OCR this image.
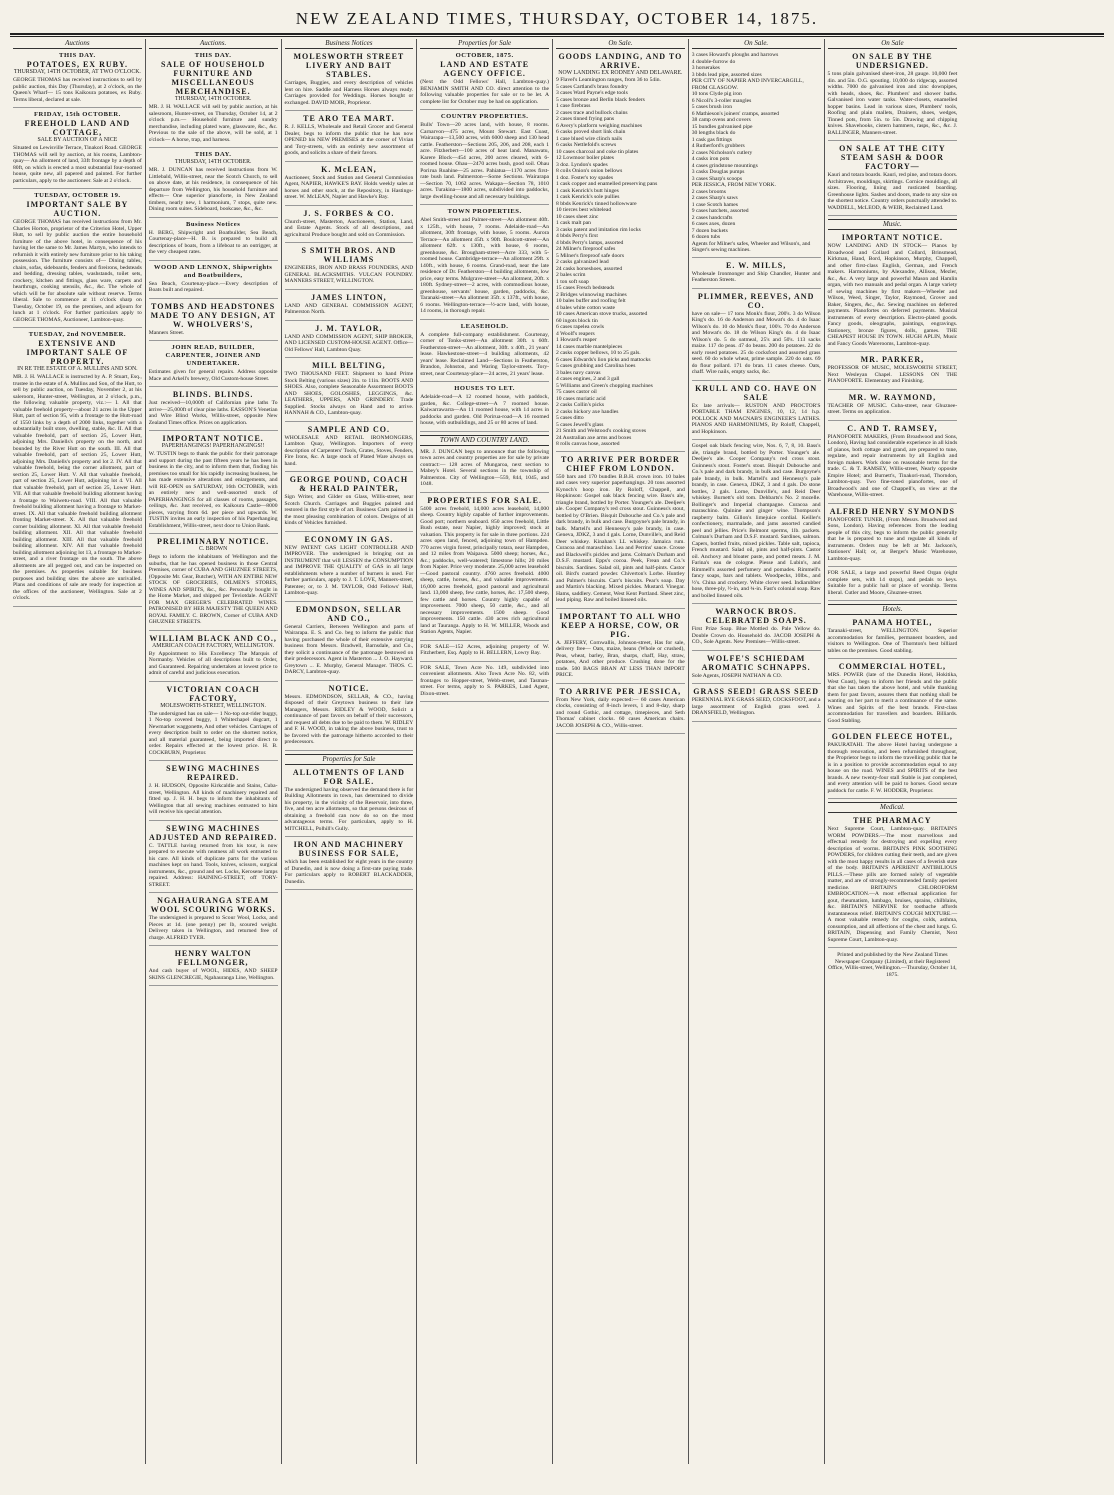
NEW ZEALAND TIMES, THURSDAY, OCTOBER 14, 1875.
Auctions
THIS DAY.
POTATOES, EX RUBY.
THURSDAY, 14TH OCTOBER, AT TWO O'CLOCK.

GEORGE THOMAS has received instructions to sell by public auction, this Day (Thursday), at 2 o'clock, on the Queen's Wharf— 15 tons Kaikoura potatoes, ex Ruby. Terms liberal, declared at sale.

FRIDAY, 15th OCTOBER.
FREEHOLD LAND AND COTTAGE,
SALE BY AUCTION OF A NICE

Situated on Lewisville Terrace, Tinakori Road. GEORGE THOMAS will sell by auction, at his rooms, Lambton-quay— An allotment of land, 33ft frontage by a depth of 80ft, on which is erected a most substantial four-roomed house, quite new, all papered and painted. For further particulars, apply to the auctioneer. Sale at 2 o'clock.

TUESDAY, OCTOBER 19.
IMPORTANT SALE BY AUCTION.

GEORGE THOMAS has received instructions from Mr. Charles Horton, proprietor of the Criterion Hotel, Upper Hutt, to sell by public auction the entire household furniture of the above hotel, in consequence of his having let the same to Mr. James Martyn, who intends to refurnish it with entirely new furniture prior to his taking possession. The furniture consists of— Dining tables, chairs, sofas, sideboards, fenders and fireirons, bedsteads and bedding, dressing tables, washstands, toilet sets, crockery, kitchen and fittings, glass ware, carpets and hearthrugs, cooking utensils, &c., &c. The whole of which will be for absolute sale without reserve. Terms liberal. Sale to commence at 11 o'clock sharp on Tuesday, October 19, on the premises, and adjourn for lunch at 1 o'clock. For further particulars apply to GEORGE THOMAS, Auctioneer, Lambton-quay.

TUESDAY, 2nd NOVEMBER.
EXTENSIVE AND IMPORTANT SALE OF PROPERTY.
IN RE THE ESTATE OF A. MULLINS AND SON.

MR. J. H. WALLACE is instructed by A. P. Stuart, Esq., trustee in the estate of A. Mullins and Son, of the Hutt, to sell by public auction, on Tuesday, November 2, at his saleroom, Hunter-street, Wellington, at 2 o'clock, p.m., the following valuable property, viz.:— I. All that valuable freehold property—about 21 acres in the Upper Hutt, part of section 95, with a frontage to the Hutt-road of 1550 links by a depth of 2000 links, together with a substantially built store, dwelling, stable, &c. II. All that valuable freehold, part of section 25, Lower Hutt, adjoining Mrs. Daniells's property on the north, and bounded by the River Hutt on the south. III. All that valuable freehold, part of section 25, Lower Hutt, adjoining Mrs. Daniells's property and lot 2. IV. All that valuable freehold, being the corner allotment, part of section 25, Lower Hutt. V. All that valuable freehold, part of section 25, Lower Hutt, adjoining lot 4. VI. All that valuable freehold, part of section 25, Lower Hutt. VII. All that valuable freehold building allotment having a frontage to Waiwetu-road. VIII. All that valuable freehold building allotment having a frontage to Market-street. IX. All that valuable freehold building allotment fronting Market-street. X. All that valuable freehold corner building allotment. XI. All that valuable freehold building allotment. XII. All that valuable freehold building allotment. XIII. All that valuable freehold building allotment. XIV. All that valuable freehold building allotment adjoining lot 13, a frontage to Market-street, and a river frontage on the south. The above allotments are all pegged out, and can be inspected on the premises. As properties suitable for business purposes and building sites the above are unrivalled. Plans and conditions of sale are ready for inspection at the offices of the auctioneer, Wellington. Sale at 2 o'clock.

Auctions.
THIS DAY.
SALE OF HOUSEHOLD FURNITURE AND MISCELLANEOUS MERCHANDISE.
THURSDAY, 14TH OCTOBER.

MR. J. H. WALLACE will sell by public auction, at his salesroom, Hunter-street, on Thursday, October 14, at 2 o'clock p.m.— Household furniture and sundry merchandise, including plated ware, glassware, &c., &c. Previous to the sale of the above, will be sold, at 1 o'clock— A horse, trap, and harness.

THIS DAY.
THURSDAY, 14TH OCTOBER.

MR. J. DUNCAN has received instructions from W. Littlebald, Willis-street, near the Scotch Church, to sell on above date, at his residence, in consequence of his departure from Wellington, his household furniture and effects— One superior pianoforte, in New Zealand timbers, nearly new, 1 harmonium, 7 stops, quite new. Dining room suites. Sideboard, bookcase, &c., &c.

Business Notices

H. BERG, Shipwright and Boatbuilder, Sea Beach, Courtenay-place—H. B. is prepared to build all descriptions of boats, from a lifeboat to an outrigger, at the very cheapest rates.

WOOD AND LENNOX, Shipwrights and Boatbuilders,

Sea Beach, Courtenay-place.—Every description of Boats built and repaired.

TOMBS AND HEADSTONES MADE TO ANY DESIGN, AT W. WHOLVERS'S,

Manners Street.

JOHN READ, BUILDER, CARPENTER, JOINER AND UNDERTAKER.

Estimates given for general repairs. Address opposite Mace and Arkell's brewery, Old Custom-house Street.

BLINDS. BLINDS.

Just received—10,000ft of Californian pine laths To arrive—25,000ft of clear pine laths. EASSON'S Venetian and Wire Blind Works, Willis-street, opposite New Zealand Times office. Prices on application.

IMPORTANT NOTICE.
PAPERHANGINGS! PAPERHANGINGS!!

W. TUSTIN begs to thank the public for their patronage and support during the past fifteen years he has been in business in the city, and to inform them that, finding his premises too small for his rapidly increasing business, he has made extensive alterations and enlargements, and will RE-OPEN on SATURDAY, 16th OCTOBER, with an entirely new and well-assorted stock of PAPERHANGINGS for all classes of rooms, passages, ceilings, &c. Just received, ex Kaikoura Castle—8000 pieces, varying from 6d. per piece and upwards. W. TUSTIN invites an early inspection of his Paperhanging Establishment, Willis-street, next door to Union Bank.

PRELIMINARY NOTICE.
C. BROWN

Begs to inform the inhabitants of Wellington and the suburbs, that he has opened business in those Central Premises, corner of CUBA AND GHUZNEE STREETS, (Opposite Mr. Gear, Butcher), WITH AN ENTIRE NEW STOCK OF GROCERIES, OILMEN'S STORES, WINES AND SPIRITS, &c., &c. Personally bought in the Home Market, and shipped per Teviotdale. AGENT FOR MAX GREGER'S CELEBRATED WINES. PATRONISED BY HER MAJESTY THE QUEEN AND ROYAL FAMILY. C. BROWN, Corner of CUBA AND GHUZNEE STREETS.

WILLIAM BLACK AND CO.,
AMERICAN COACH FACTORY, WELLINGTON.

By Appointment to His Excellency The Marquis of Normanby. Vehicles of all descriptions built to Order, and Guaranteed. Repairing undertaken at lowest price to admit of careful and judicious execution.

VICTORIAN COACH FACTORY,
MOLESWORTH-STREET, WELLINGTON.

The undersigned has on sale— 1 No-top out-rider buggy, 1 No-top covered buggy, 1 Whitechapel dogcart, 1 Newmarket waggonette, And other vehicles. Carriages of every description built to order on the shortest notice, and all material guaranteed, being imported direct to order. Repairs effected at the lowest price. H. B. COCKBURN, Proprietor.

SEWING MACHINES REPAIRED.

J. H. HUDSON, Opposite Kirkcaldie and Stains, Cuba-street, Wellington. All kinds of machinery repaired and fitted up. J. H. H. begs to inform the inhabitants of Wellington that all sewing machines entrusted to him will receive his special attention.

SEWING MACHINES ADJUSTED AND REPAIRED.

C. TATTLE having returned from his tour, is now prepared to execute with neatness all work entrusted to his care. All kinds of duplicate parts for the various machines kept on hand. Tools, knives, scissors, surgical instruments, &c., ground and set. Locks, Kerosene lamps repaired. Address: HAINING-STREET, off TORY-STREET.

NGAHAURANGA STEAM WOOL SCOURING WORKS.

The undersigned is prepared to Scour Wool, Locks, and Pieces at 1d. (one penny) per lb, scoured weight. Delivery taken in Wellington, and returned free of charge. ALFRED TYER.

HENRY WALTON FELLMONGER,

And cash buyer of WOOL, HIDES, AND SHEEP SKINS GLENCREGIE, Ngahauranga Line, Wellington.

Business Notices
MOLESWORTH STREET LIVERY AND BAIT STABLES.

Carriages, Buggies, and every description of vehicles lent on hire. Saddle and Harness Horses always ready. Carriages provided for Weddings. Horses bought or exchanged. DAVID MOIR, Proprietor.

TE ARO TEA MART.

R. J. KELLS, Wholesale and Retail Grocer and General Dealer, begs to inform the public that he has now OPENED his NEW PREMISES at the corner of Vivian and Tory-streets, with an entirely new assortment of goods, and solicits a share of their favors.

K. McLEAN,

Auctioneer, Stock and Station and General Commission Agent, NAPIER, HAWKE'S BAY. Holds weekly sales at horses and other stock, at the Repository, in Hastings-street. W. McLEAN, Napier and Hawke's Bay.

J. S. FORBES & CO.

Church-street, Masterton, Auctioneers, Station, Land, and Estate Agents. Stock of all descriptions, and agricultural Produce bought and sold on Commission.

S SMITH BROS. AND WILLIAMS

ENGINEERS, IRON AND BRASS FOUNDERS, AND GENERAL BLACKSMITHS. VULCAN FOUNDRY. MANNERS STREET, WELLINGTON.

JAMES LINTON,

LAND AND GENERAL COMMISSION AGENT, Palmerston North.

J. M. TAYLOR,

LAND AND COMMISSION AGENT, SHIP BROKER, AND LICENSED CUSTOM-HOUSE AGENT. Office—Old Fellows' Hall, Lambton Quay.

MILL BELTING,

TWO THOUSAND FEET. Shipment to hand Prime Stock Belting (various sizes) 2in. to 11in. BOOTS AND SHOES. Also, complete Seasonable Assortment BOOTS AND SHOES, GOLOSHES, LEGGINGS, &c. LEATHERS, UPPERS, AND GRINDERY. Trade Supplied. Stocks always on Hand and to arrive. HANNAH & CO., Lambton-quay.

SAMPLE AND CO.

WHOLESALE AND RETAIL IRONMONGERS, Lambton Quay, Wellington. Importers of every description of Carpenters' Tools, Grates, Stoves, Fenders, Fire Irons, &c. A large stock of Plated Ware always on hand.

GEORGE POUND, COACH & HERALD PAINTER,

Sign Writer, and Gilder on Glass, Willis-street, near Scotch Church. Carriages and Buggies painted and restored in the first style of art. Business Carts painted in the most pleasing combination of colors. Designs of all kinds of Vehicles furnished.

ECONOMY IN GAS.

NEW PATENT GAS LIGHT CONTROLLER AND IMPROVER. The undersigned is bringing out an INSTRUMENT that will LESSEN the CONSUMPTION and IMPROVE THE QUALITY of GAS in all large establishments where a number of burners is used. For further particulars, apply to J. T. LOVE, Manners-street, Patentee; or, to J. M. TAYLOR, Odd Fellows' Hall, Lambton-quay.

EDMONDSON, SELLAR AND CO.,

General Carriers, Between Wellington and parts of Wairarapa. E. S. and Co. beg to inform the public that having purchased the whole of their extensive carrying business from Messrs. Bradwell, Barnsdale, and Co., they solicit a continuance of the patronage bestowed on their predecessors. Agent in Masterton ... J. O. Hayward. Greytown ... E. Murphy, General Manager. THOS. C. DARCY, Lambton-quay.

NOTICE.

Messrs. EDMONDSON, SELLAR, & CO., having disposed of their Greytown business to their late Managers, Messrs. RIDLEY & WOOD, Solicit a continuance of past favors on behalf of their successors, and request all debts due to be paid to them. W. RIDLEY and F. H. WOOD, in taking the above business, trust to be favored with the patronage hitherto accorded to their predecessors.

Properties for Sale
ALLOTMENTS OF LAND FOR SALE.

The undersigned having observed the demand there is for Building Allotments in town, has determined to divide his property, in the vicinity of the Reservoir, into three, five, and ten acre allotments, so that persons desirous of obtaining a freehold can now do so on the most advantageous terms. For particulars, apply to H. MITCHELL, Polhill's Gully.

IRON AND MACHINERY BUSINESS FOR SALE,

which has been established for eight years in the country of Dunedin, and is now doing a first-rate paying trade. For particulars apply to ROBERT BLACKADDER, Dunedin.

Properties for Sale
OCTOBER, 1875.
LAND AND ESTATE AGENCY OFFICE.

(Next the Odd Fellows' Hall, Lambton-quay.) BENJAMIN SMITH AND CO. direct attention to the following valuable properties for sale or to be let. A complete list for October may be had on application.

COUNTRY PROPERTIES.

Bulls' Town—20 acres land, with house, 8 rooms. Carnarvon—475 acres, Mount Stewart. East Coast, Wairarapa—13,500 acres, with 6000 sheep and 130 head cattle. Featherston—Sections 205, 206, and 208, each 1 acre. Fitzherbert—100 acres of heat land. Manawatu, Karere Block—454 acres, 200 acres cleared, with 6-roomed house. Ohau—2470 acres bush, good soil. Ohau Porirua Ruahine—25 acres. Pahiatua—1170 acres first-rate bush land. Palmerston—Some Sections. Wairarapa—Section 70, 1062 acres. Wakapa—Section 78, 1010 acres. Turakina—1800 acres, subdivided into paddocks, large dwelling-house and all necessary buildings.

TOWN PROPERTIES.

Abel Smith-street and Palmer-street—An allotment 40ft. x 125ft., with house, 7 rooms. Adelaide-road—An allotment, 30ft frontage, with house, 5 rooms. Aurora Terrace—An allotment 45ft. x 90ft. Boulcott-street—An allotment 62ft. x 130ft., with house, 6 rooms, greenhouse, &c. Brougham-street—Acre 333, with 5-roomed house. Cambridge-terrace—An allotment 29ft. x 140ft., with house, 6 rooms. Grand-road, near the late residence of Dr. Featherston—4 building allotments, low price, easy terms. Mulgrave-street—An allotment, 20ft. x 180ft. Sydney-street—2 acres, with commodious house, greenhouse, servants' house, garden, paddocks, &c. Taranaki-street—An allotment 35ft. x 137ft., with house, 6 rooms. Wellington-terrace—½-acre land, with house, 14 rooms, in thorough repair.

LEASEHOLD.

A complete full-company establishment. Courtenay, corner of Tonks-street—An allotment 30ft. x 60ft. Featherston-street—An allotment, 30ft. x 40ft., 21 years' lease. Hawkestone-street—4 building allotments, 42 years' lease. Reclaimed Land—Sections in Featherston, Brandon, Johnston, and Waring Taylor-streets. Tory-street, near Courtenay-place—24 acres, 21 years' lease.

HOUSES TO LET.

Adelaide-road—A 12 roomed house, with paddock, garden, &c. College-street—A 7 roomed house. Kaiwarrawarra—An 11 roomed house, with 14 acres in paddocks and garden. Old Porirua-road—A 16 roomed house, with outbuildings, and 25 or 80 acres of land.

TOWN AND COUNTRY LAND.

MR. J. DUNCAN begs to announce that the following town acres and country properties are for sale by private contract:— 128 acres of Mungaroa, next section to Mabey's Hotel. Several sections in the township of Palmerston. City of Wellington—559, 844, 1045, and 1048.

PROPERTIES FOR SALE.

5400 acres freehold, 14,000 acres leasehold, 14,000 sheep. Country highly capable of further improvements. Good port; northern seaboard. 850 acres freehold, Little Bush estate, near Napier, highly improved; stock at valuation. This property is for sale in three portions. 224 acres open land, fenced, adjoining town of Hampden. 770 acres virgin forest, principally totara, near Hampden, and 12 miles from Waipawa. 5000 sheep; horses, &c., &c.; paddocks, well-watered; limestone hills; 20 miles from Napier. Price very moderate. 25,000 acres leasehold—Good pastoral country. 4760 acres freehold. 4000 sheep, cattle, horses, &c., and valuable improvements. 16,000 acres freehold, good pastoral and agricultural land. 13,000 sheep, few cattle, horses, &c. 17,500 sheep, few cattle and horses. Country highly capable of improvement. 7000 sheep, 50 cattle, &c., and all necessary improvements. 1500 sheep. Good improvements. 150 cattle. 430 acres rich agricultural land at Tauranga. Apply to H. W. MILLER, Woods and Station Agents, Napier.

FOR SALE—152 Acres, adjoining property of W. Fitzherbert, Esq. Apply to H. BELLERN, Lowry Bay.

FOR SALE, Town Acre No. 149, subdivided into convenient allotments. Also Town Acre No. 82, with frontages to Hopper-street, Webb-street, and Tasman-street. For terms, apply to S. PARKES, Land Agent, Dixon-street.

On Sale.
GOODS LANDING, AND TO ARRIVE.
NOW LANDING EX RODNEY AND DELAWARE.
9 Flavel's Leamington ranges, from 36 to 54in.
5 cases Cartland's brass foundry
3 cases Ward Payne's edge tools
5 cases bronze and Berlin black fenders
1 case firebrass
2 cases trace and bullock chains
2 cases tinned frying pans
6 Avery's platform weighing machines
6 casks proved short link chain
1 case blued wire clinch nails
6 casks Nettlefold's screws
10 cases charcoal and coke tin plates
12 Lowmoor boiler plates
3 doz. Lyndon's spades
8 coils Onion's onion bellows
1 doz. Foster's toy spades
1 cask copper and enamelled preserving pans
1 cask Kenrick's butt hinges
1 cask Kenrick's sole pullies
8 bbds Kenrick's tinned hollowware
10 tierces best whitelead
10 cases sheet zinc
1 cask malt pan
3 casks patent and imitation rim locks
4 bbds Perry's first
4 bbds Perry's lamps, assorted
24 Milner's fireproof safes
5 Milner's fireproof safe doors
2 casks galvanized lead
24 casks horseshoes, assorted
2 bales scrim
1 ton soft soap
15 cases Fresch bedsteads
2 Bridges winnowing machines
10 bales buffer and roofing felt
4 bales white cotton waste
10 cases American stove trucks, assorted
60 ingots block tin
6 cases rapelea cowls
4 Woolf's reapers
1 Howard's reaper
14 cases marble mantelpieces
2 casks copper bellows, 10 to 25 gals.
6 cases Edwards's lion picks and mattocks
5 cases grubbing and Carolina hoes
3 bales navy canvas
4 cases engines, 2 and 3 gall
5 Williams and Green's chopping machines
75 cases castor oil
10 cases muriatic acid
2 casks Collin's picks
2 casks hickory axe handles
5 cases ditto
5 cases Jewell's glass
21 Smith and Welstood's cooking stoves
24 Australian axe arms and boxes
8 rolls canvas hose, assorted
TO ARRIVE PER BORDER CHIEF FROM LONDON.

550 bars and 170 bundles B.B.H. crown iron. 10 bales and cases very superior paperhangings. 20 tons assorted Kynoch's hoop iron. By Roloff, Chappell, and Hopkinson: Gospel oak black fencing wire. Bass's ale, triangle brand, bottled by Porter. Younger's ale. Deeljee's ale. Cooper Company's red cross stout. Guinness's stout, bottled by O'Brien. Bisquit Dubouche and Co.'s pale and dark brandy, in bulk and case. Burgoyne's pale brandy, in bulk. Martell's and Hennessy's pale brandy, in case. Geneva, JDKZ, 3 and 4 gals. Lorne, Dunville's, and Reid Deer whiskey. Kinahan's LL whiskey. Jamaica rum. Curacoa and maraschino. Lea and Perrins' sauce. Crosse and Blackwell's pickles and jams. Colman's Durham and D.S.F. mustard. Epps's cocoa. Peek, Frean and Co.'s biscuits. Sardines. Salad oil, pints and half-pints. Castor oil. Bird's custard powder. Chiverton's Lorbe. Huntley and Palmer's biscuits. Carr's biscuits. Pear's soap. Day and Martin's blacking. Mixed pickles. Mustard. Vinegar. Hams, saddlery. Cement, West Kent Portland. Sheet zinc, lead piping. Raw and boiled linseed oils.

IMPORTANT TO ALL WHO KEEP A HORSE, COW, OR PIG.

A. JEFFERY, Cornwallis, Johnson-street, Has for sale, delivery free— Oats, maize, beans (Whole or crushed), Peas, wheat, barley, Bran, sharps, chaff, Hay, straw, potatoes, And other produce. Crushing done for the trade. 500 BAGS BRAN AT LESS THAN IMPORT PRICE.

TO ARRIVE PER JESSICA,

From New York, daily expected:— 60 cases American clocks, consisting of 8-inch levers, 1 and 8-day, sharp and round Gothic, and cottage, timepieces, and Seth Thomas' cabinet clocks. 60 cases American chairs. JACOB JOSEPH & CO., Willis-street.

On Sale.
3 cases Howard's ploughs and harrows
4 double-furrow do
3 horserakes
3 bbds lead pipe, assorted sizes
PER CITY OF NAPIER AND INVERCARGILL, FROM GLASGOW.
10 tons Clyde pig iron
6 Nicoll's 3-roller mangles
5 cases brush iron
6 Mathieson's joiners' cramps, assorted
38 camp ovens and covers
15 bundles galvanised pipe
30 lengths black do
1 cask gas fittings
4 Rutherford's grubbers
2 cases Nicholson's cutlery
4 casks iron pots
4 cases grindstone mountings
3 casks Douglas pumps
3 cases Sharp's scoops
PER JESSICA, FROM NEW YORK.
2 cases brooms
2 cases Sharp's saws
1 case Scotch hames
9 cases hatchets, assorted
2 cases handcrafts
6 cases axes, dozen
7 dozen buckets
6 dozen tubs
Agents for Milner's safes, Wheeler and Wilson's, and Singer's sewing machines.
E. W. MILLS,

Wholesale Ironmonger and Ship Chandler, Hunter and Featherston Streets.

PLIMMER, REEVES, AND CO.

have on sale— 17 tons Monk's flour, 200's. 3 do Wilson King's do. 16 do Anderson and Mowat's do. 4 do Isaac Wilson's do. 10 do Monk's flour, 100's. 70 do Anderson and Mowat's do. 18 do Wilson King's do. 4 do Isaac Wilson's do. 5 do oatmeal, 25's and 50's. 113 sacks maize. 117 do peas. 47 do beans. 200 do potatoes. 22 do early rosed potatoes. 25 do cocksfoot and assorted grass seed. 60 do whole wheat, prime sample. 220 do oats. 69 do flour pollard. 171 do bran. 11 cases cheese. Oats, chaff. Wire nails, empty sacks, &c.

KRULL AND CO. HAVE ON SALE

Ex late arrivals— RUSTON AND PROCTOR'S PORTABLE THAM ENGINES, 10, 12, 14 h.p. POLLOCK AND MACNAB'S ENGINEER'S LATHES. PIANOS AND HARMONIUMS, By Roloff, Chappell, and Hopkinson.

Gospel oak black fencing wire, Nos. 6, 7, 8, 10. Bass's ale, triangle brand, bottled by Porter. Younger's ale. Deeljee's ale. Cooper Company's red cross stout. Guinness's stout. Foster's stout. Bisquit Dubouche and Co.'s pale and dark brandy, in bulk and case. Burgoyne's pale brandy, in bulk. Martell's and Hennessy's pale brandy, in case. Geneva, JDKZ, 3 and 4 gals. Do stone bottles, 2 gals. Lorne, Dunville's, and Reid Deer whiskey. Burnett's old tom. Dehbarts's No. 2 mozelle. Bollinger's and Imperial champagne. Curacoa and maraschino. Quinine and ginger wine. Thompson's raspberry balm. Gillon's limejuice cordial. Keiller's confectionery, marmalade, and jams assorted candied peel and jellies. Price's Belmont sperms, 1lb. packets. Colman's Durham and D.S.F. mustard. Sardines, salmon. Capers, bottled fruits, mixed pickles. Table salt, tapioca, French mustard. Salad oil, pints and half-pints. Castor oil. Anchovy and bloater paste, and potted meats. J. M. Farina's eau de cologne. Piesse and Lubin's, and Rimmell's assorted perfumery and pomades. Rimmell's fancy soaps, bars and tablets. Woodpecks, 10lbs., and ½'s. China and crockery. White clover seed. Indiarubber hose, three-ply, ½-in, and ¾-in. Fast's colonial soap. Raw and boiled linseed oils.

WARNOCK BROS. CELEBRATED SOAPS.

First Prize Soap. Blue Mottled do. Pale Yellow do. Double Crown do. Household do. JACOB JOSEPH & CO., Sole Agents. New Premises—Willis-street.

WOLFE'S SCHIEDAM AROMATIC SCHNAPPS.

Sole Agents, JOSEPH NATHAN & CO.

GRASS SEED! GRASS SEED

PERENNIAL RYE GRASS SEED, COCKSFOOT, and a large assortment of English grass seed. J. DRANSFIELD, Wellington.

On Sale
ON SALE BY THE UNDERSIGNED.

5 tons plain galvanised sheet-iron, 28 gauge. 10,000 feet 4in. and 5in. O.G. spouting. 10,000 do ridgecap, assorted widths. 7000 do galvanised iron and zinc downpipes, with heads, shoes, &c. Plumbers' and shower baths. Galvanised iron water tanks. Water-closets, enamelled hopper basins. Lead in various sizes, Plumbers' tools, Roofing and plain mallets, Drainers, shoes, wedges, Tinned pots, from 5in. to 5in. Drawing and chipping knives. Shavehooks, cistern hammers, rasps, &c., &c. J. BALLINGER, Manners-street.

ON SALE AT THE CITY STEAM SASH & DOOR FACTORY—

Kauri and totara boards. Kauri, red pine, and totara doors. Architraves, mouldings, skirtings. Cornice mouldings, all sizes. Flooring, lining and rusticated boarding. Greenhouse lights. Sashes and doors, made to any size on the shortest notice. Country orders punctually attended to. WADDELL, McLEOD, & WEIR, Reclaimed Land.

Music.
IMPORTANT NOTICE.

NOW LANDING AND IN STOCK— Pianos by Broadwood and Collard and Collard, Brinsmead, Kirkman, Hand, Bord, Hopkinson, Murphy, Chappell, and other first-class English, German, and French makers. Harmoniums, by Alexandre, Allison, Mezler, &c., &c. A very large and powerful Mason and Hamlin organ, with two manuals and pedal organ. A large variety of sewing machines by first makers—Wheeler and Wilson, Weed, Singer, Taylor, Raymond, Grover and Baker, Singers, &c., &c. Sewing machines on deferred payments. Pianofortes on deferred payments. Musical instruments of every description. Electro-plated goods. Fancy goods, oleographs, paintings, engravings. Stationery, bronze figures, dolls, games. THE CHEAPEST HOUSE IN TOWN. HUGH APLIN, Music and Fancy Goods Warerooms, Lambton-quay.

MR. PARKER,

PROFESSOR OF MUSIC, MOLESWORTH STREET, Next Wesleyan Chapel. LESSONS ON THE PIANOFORTE. Elementary and Finishing.

MR. W. RAYMOND,

TEACHER OF MUSIC. Cuba-street, near Ghuznee-street. Terms on application.

C. AND T. RAMSEY,

PIANOFORTE MAKERS, (From Broadwood and Sons, London), Having had considerable experience in all kinds of pianos, both cottage and grand, are prepared to tune, regulate, and repair instruments by all English and foreign makers. Work done on reasonable terms for the trade. C. & T. RAMSEY, Willis-street, Nearly opposite Empire Hotel; and Burnett's, Tinakori-road, Thorndon, Lambton-quay. Two fine-toned pianofortes, one of Broadwood's and one of Chappell's, on view at the Warehouse, Willis-street.

ALFRED HENRY SYMONDS

PIANOFORTE TUNER, (From Messrs. Broadwood and Sons, London). Having references from the leading people of this city, begs to inform the public generally that he is prepared to tune and regulate all kinds of instruments. Orders may be left at Mr. Jackson's, Stationers' Hall; or, at Berger's Music Warehouse, Lambton-quay.

FOR SALE, a large and powerful Reed Organ (eight complete sets, with 14 stops), and pedals to keys. Suitable for a public hall or place of worship. Terms liberal. Cutler and Moore, Ghuznee-street.

Hotels.
PANAMA HOTEL,

Taranaki-street, WELLINGTON. Superior accommodation for families, permanent boarders, and visitors to Wellington. One of Thornton's best billiard tables on the premises. Good stabling.

COMMERCIAL HOTEL,

MRS. POWER (late of the Dunedin Hotel, Hokitika, West Coast), begs to inform her friends and the public that she has taken the above hotel, and while thanking them for past favors, assures them that nothing shall be wanting on her part to merit a continuance of the same. Wines and Spirits of the best brands. First-class accommodation for travellers and boarders. Billiards. Good Stabling.

GOLDEN FLEECE HOTEL,

PAKURATAHI. The above Hotel having undergone a thorough renovation, and been refurnished throughout, the Proprietor begs to inform the travelling public that he is in a position to provide accommodation equal to any house on the road. WINES and SPIRITS of the best brands. A new twenty-four stall Stable is just completed, and every attention will be paid to horses. Good secure paddock for cattle. F. W. HODDER, Proprietor.

Medical.
THE PHARMACY

Next Supreme Court, Lambton-quay. BRITAIN'S WORM POWDERS.—The most marvellous and effectual remedy for destroying and expelling every description of worms. BRITAIN'S PINK SOOTHING POWDERS, for children cutting their teeth, and are given with the most happy results in all cases of a feverish state of the body. BRITAIN'S APERIENT ANTIBILIOUS PILLS.—These pills are formed solely of vegetable matter, and are of strongly-recommended family aperient medicine. BRITAIN'S CHLOROFORM EMBROCATION.—A most effectual application for gout, rheumatism, lumbago, bruises, sprains, chilblains, &c. BRITAIN'S NERVINE for toothache affords instantaneous relief. BRITAIN'S COUGH MIXTURE.—A most valuable remedy for coughs, colds, asthma, consumption, and all affections of the chest and lungs. G. BRITAIN, Dispensing and Family Chemist, Next Supreme Court, Lambton-quay.

Printed and published by the New Zealand Times Newspaper Company (Limited), at their Registered Office, Willis-street, Wellington.—Thursday, October 14, 1875.
